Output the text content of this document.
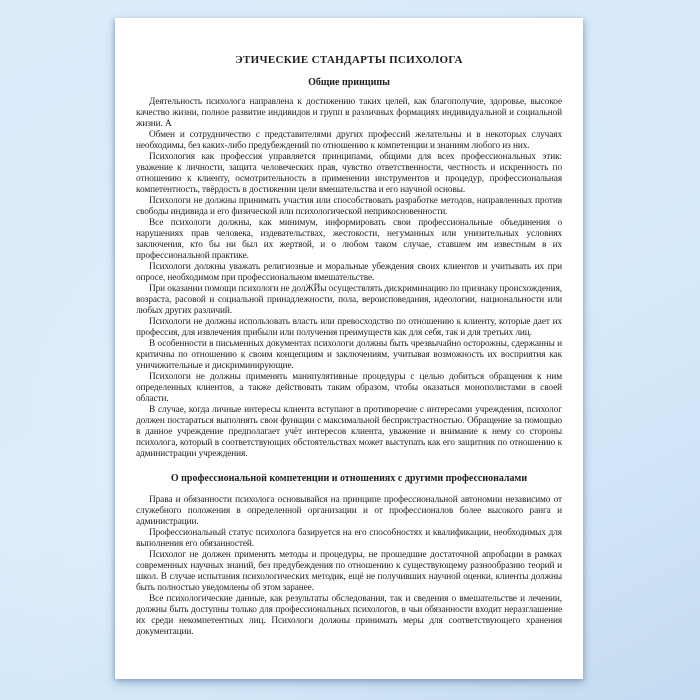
ЭТИЧЕСКИЕ СТАНДАРТЫ ПСИХОЛОГА
Общие принципы

Деятельность психолога направлена к достижению таких целей, как благополучие, здоровье, высокое качество жизни, полное развитие индивидов и групп в различных формациях индивидуальной и социальной жизни. А

Обмен и сотрудничество с представителями других профессий желательны и в некоторых случаях необходимы, без каких-либо предубеждений по отношению к компетенции и знаниям любого из них.

Психология как профессия управляется принципами, общими для всех профессиональных этик: уважение к личности, защита человеческих прав, чувство ответственности, честность и искренность по отношению к клиенту, осмотрительность в применении инструментов и процедур, профессиональная компетентность, твёрдость в достижении цели вмешательства и его научной основы.

Психологи не должны принимать участия или способствовать разработке методов, направленных против свободы индивида и его физической или психологической неприкосновенности.

Все психологи должны, как минимум, информировать свои профессиональные объединения о нарушениях прав человека, издевательствах, жестокости, негуманных или унизительных условиях заключения, кто бы ни был их жертвой, и о любом таком случае, ставшем им известным в их профессиональной практике.

Психологи должны уважать религиозные и моральные убеждения своих клиентов и учитывать их при опросе, необходимом при профессиональном вмешательстве.

При оказании помощи психологи не долЖЙы осуществлять дискриминацию по признаку происхождения, возраста, расовой и социальной принадлежности, пола, вероисповедания, идеологии, национальности или любых других различий.

Психологи не должны использовать власть или превосходство по отношению к клиенту, которые дает их профессия, для извлечения прибыли или получения преимуществ как для себя, так и для третьих лиц.

В особенности в письменных документах психологи должны быть чрезвычайно осторожны, сдержанны и критичны по отношению к своим концепциям и заключениям, учитывая возможность их восприятия как уничижительные и дискриминирующие.

Психологи не должны применять манипулятивные процедуры с целью добиться обращения к ним определенных клиентов, а также действовать таким образом, чтобы оказаться монополистами в своей области.

В случае, когда личные интересы клиента вступают в противоречие с интересами учреждения, психолог должен постараться выполнять свои функции с максимальной беспристрастностью. Обращение за помощью в данное учреждение предполагает учёт интересов клиента, уважение и внимание к нему со стороны психолога, который в соответствующих обстоятельствах может выступать как его защитник по отношению к администрации учреждения.

О профессиональной компетенции и отношениях с другими профессионалами

Права и обязанности психолога основывайся на принципе профессиональной автономии независимо от служебного положения в определенной организации и от профессионалов более высокого ранга и администрации.

Профессиональный статус психолога базируется на его способностях и квалификации, необходимых для выполнения его обязанностей.

Психолог не должен применять методы и процедуры, не прошедшие достаточной апробации в рамках современных научных знаний, без предубеждения по отношению к существующему разнообразию теорий и школ. В случае испытания психологических методик, ещё не получивших научной оценки, клиенты должны быть полностью уведомлены об этом заранее.

Все психологические данные, как результаты обследования, так и сведения о вмешательстве и лечении, должны быть доступны только для профессиональных психологов, в чьи обязанности входит неразглашение их среди некомпетентных лиц. Психологи должны принимать меры для соответствующего хранения документации.
